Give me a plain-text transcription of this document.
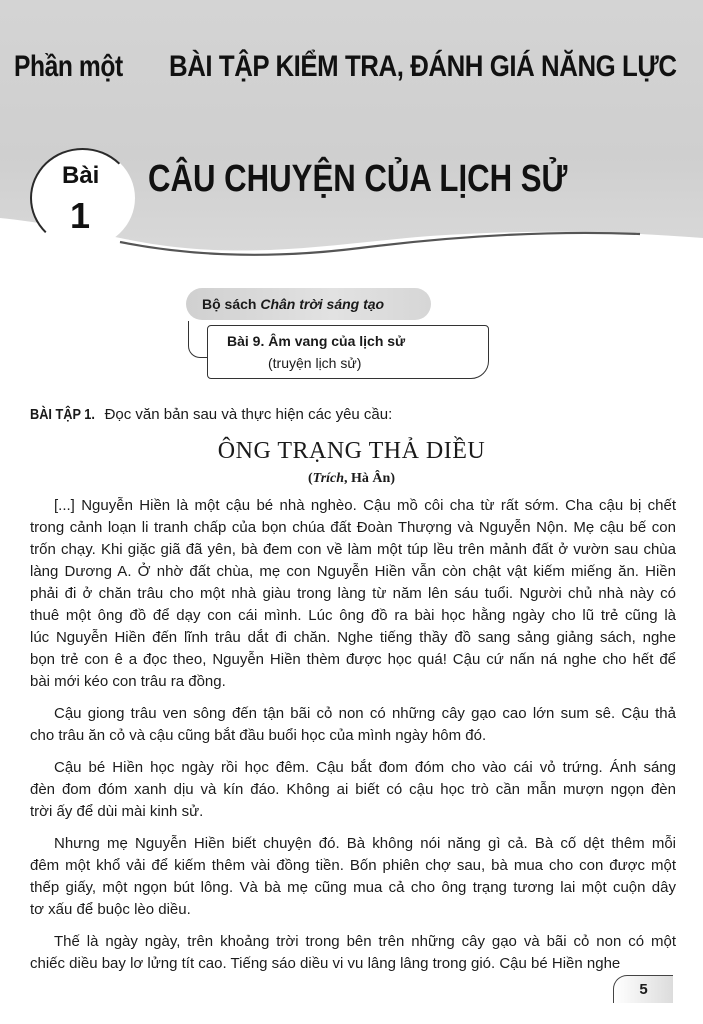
Phần một BÀI TẬP KIỂM TRA, ĐÁNH GIÁ NĂNG LỰC
Bài
1
CÂU CHUYỆN CỦA LỊCH SỬ
Bộ sách Chân trời sáng tạo
Bài 9. Âm vang của lịch sử
(truyện lịch sử)
BÀI TẬP 1. Đọc văn bản sau và thực hiện các yêu cầu:
ÔNG TRẠNG THẢ DIỀU
(Trích, Hà Ân)
[...] Nguyễn Hiền là một cậu bé nhà nghèo. Cậu mồ côi cha từ rất sớm. Cha cậu bị chết
trong cảnh loạn li tranh chấp của bọn chúa đất Đoàn Thượng và Nguyễn Nộn. Mẹ cậu bế con
trốn chạy. Khi giặc giã đã yên, bà đem con về làm một túp lều trên mảnh đất ở vườn sau chùa
làng Dương A. Ở nhờ đất chùa, mẹ con Nguyễn Hiền vẫn còn chật vật kiếm miếng ăn. Hiền
phải đi ở chăn trâu cho một nhà giàu trong làng từ năm lên sáu tuổi. Người chủ nhà này có
thuê một ông đồ để dạy con cái mình. Lúc ông đồ ra bài học hằng ngày cho lũ trẻ cũng là
lúc Nguyễn Hiền đến lĩnh trâu dắt đi chăn. Nghe tiếng thầy đồ sang sảng giảng sách, nghe
bọn trẻ con ê a đọc theo, Nguyễn Hiền thèm được học quá! Cậu cứ nấn ná nghe cho hết để
bài mới kéo con trâu ra đồng.
Cậu giong trâu ven sông đến tận bãi cỏ non có những cây gạo cao lớn sum sê. Cậu thả
cho trâu ăn cỏ và cậu cũng bắt đầu buổi học của mình ngày hôm đó.
Cậu bé Hiền học ngày rồi học đêm. Cậu bắt đom đóm cho vào cái vỏ trứng. Ánh sáng
đèn đom đóm xanh dịu và kín đáo. Không ai biết có cậu học trò cần mẫn mượn ngọn đèn
trời ấy để dùi mài kinh sử.
Nhưng mẹ Nguyễn Hiền biết chuyện đó. Bà không nói năng gì cả. Bà cố dệt thêm mỗi
đêm một khổ vải để kiếm thêm vài đồng tiền. Bốn phiên chợ sau, bà mua cho con được một
thếp giấy, một ngọn bút lông. Và bà mẹ cũng mua cả cho ông trạng tương lai một cuộn dây
tơ xấu để buộc lèo diều.
Thế là ngày ngày, trên khoảng trời trong bên trên những cây gạo và bãi cỏ non có một
chiếc diều bay lơ lửng tít cao. Tiếng sáo diều vi vu lâng lâng trong gió. Cậu bé Hiền nghe
5
